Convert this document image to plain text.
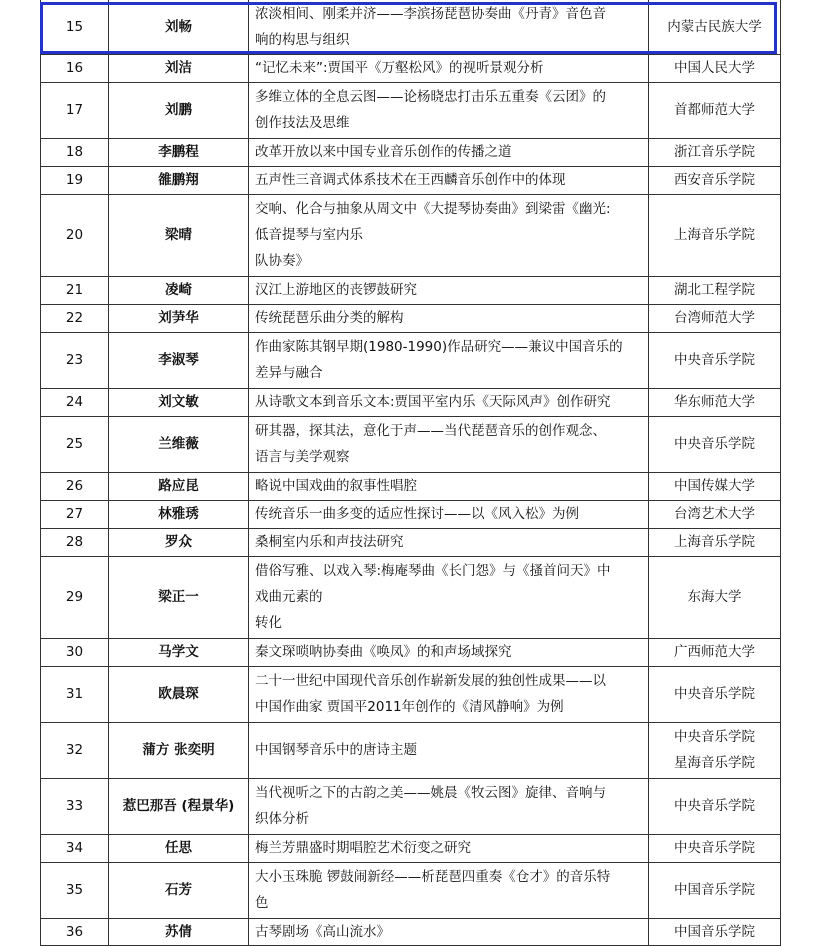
15	刘畅	浓淡相间、刚柔并济——李滨扬琵琶协奏曲《丹青》音色音
响的构思与组织	内蒙古民族大学
16	刘洁	“记忆未来”:贾国平《万壑松风》的视听景观分析	中国人民大学
17	刘鹏	多维立体的全息云图——论杨晓忠打击乐五重奏《云团》的
创作技法及思维	首都师范大学
18	李鹏程	改革开放以来中国专业音乐创作的传播之道	浙江音乐学院
19	雒鹏翔	五声性三音调式体系技术在王西麟音乐创作中的体现	西安音乐学院
20	梁晴	交响、化合与抽象从周文中《大提琴协奏曲》到梁雷《幽光:
低音提琴与室内乐
队协奏》	上海音乐学院
21	凌崎	汉江上游地区的丧锣鼓研究	湖北工程学院
22	刘芛华	传统琵琶乐曲分类的解构	台湾师范大学
23	李淑琴	作曲家陈其钢早期(1980-1990)作品研究——兼议中国音乐的
差异与融合	中央音乐学院
24	刘文敏	从诗歌文本到音乐文本:贾国平室内乐《天际风声》创作研究	华东师范大学
25	兰维薇	研其器，探其法，意化于声——当代琵琶音乐的创作观念、
语言与美学观察	中央音乐学院
26	路应昆	略说中国戏曲的叙事性唱腔	中国传媒大学
27	林雅琇	传统音乐一曲多变的适应性探讨——以《风入松》为例	台湾艺术大学
28	罗众	桑桐室内乐和声技法研究	上海音乐学院
29	梁正一	借俗写雅、以戏入琴:梅庵琴曲《长门怨》与《搔首问天》中
戏曲元素的
转化	东海大学
30	马学文	秦文琛唢呐协奏曲《唤凤》的和声场域探究	广西师范大学
31	欧晨琛	二十一世纪中国现代音乐创作崭新发展的独创性成果——以
中国作曲家 贾国平2011年创作的《清风静响》为例	中央音乐学院
32	蒲方 张奕明	中国钢琴音乐中的唐诗主题	中央音乐学院
星海音乐学院
33	惹巴那吾 (程景华)	当代视听之下的古韵之美——姚晨《牧云图》旋律、音响与
织体分析	中央音乐学院
34	任思	梅兰芳鼎盛时期唱腔艺术衍变之研究	中央音乐学院
35	石芳	大小玉珠脆 锣鼓闹新经——析琵琶四重奏《仓才》的音乐特
色	中国音乐学院
36	苏倩	古琴剧场《高山流水》	中国音乐学院
